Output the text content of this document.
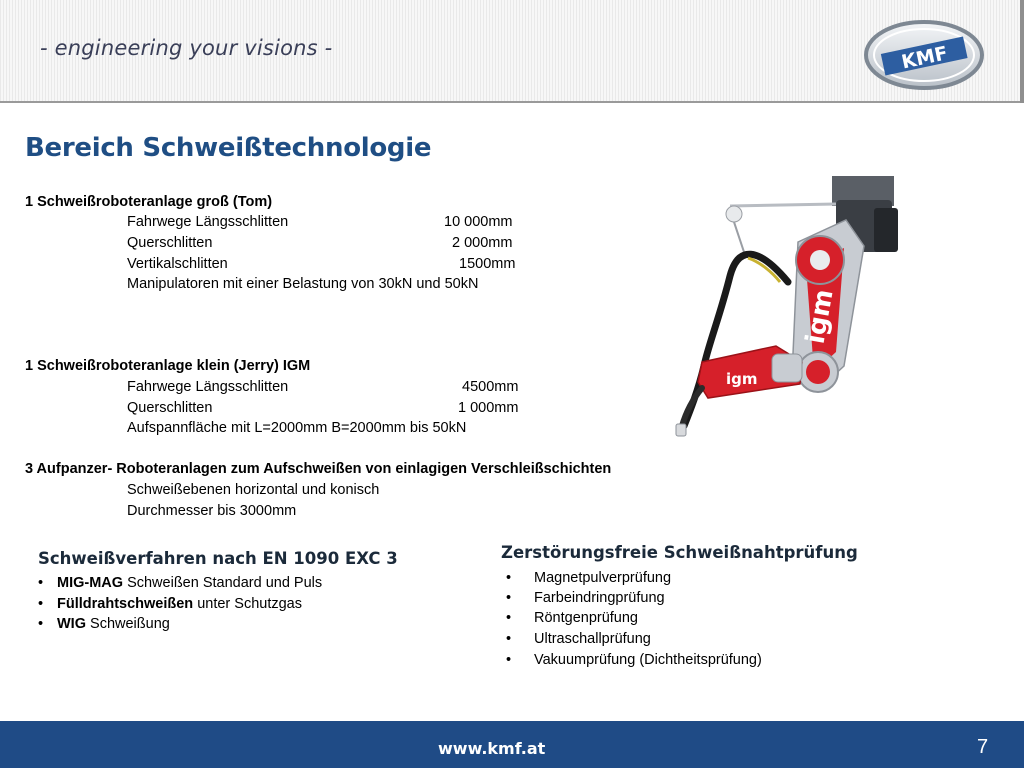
- engineering your visions -	KMF
Bereich Schweißtechnologie
1 Schweißroboteranlage groß (Tom)
Fahrwege Längsschlitten	10 000mm
Querschlitten	2 000mm
Vertikalschlitten	1500mm
Manipulatoren mit einer Belastung von 30kN und 50kN
1 Schweißroboteranlage klein (Jerry) IGM
Fahrwege Längsschlitten	4500mm
Querschlitten	1 000mm
Aufspannfläche mit L=2000mm B=2000mm bis 50kN
3 Aufpanzer- Roboteranlagen zum Aufschweißen von einlagigen Verschleißschichten
Schweißebenen horizontal und konisch
Durchmesser bis 3000mm
Schweißverfahren nach EN 1090 EXC 3
• MIG-MAG Schweißen Standard und Puls
• Fülldrahtschweißen unter Schutzgas
• WIG Schweißung
Zerstörungsfreie Schweißnahtprüfung
• Magnetpulverprüfung
• Farbeindringprüfung
• Röntgenprüfung
• Ultraschallprüfung
• Vakuumprüfung (Dichtheitsprüfung)
igm
igm
www.kmf.at	7
